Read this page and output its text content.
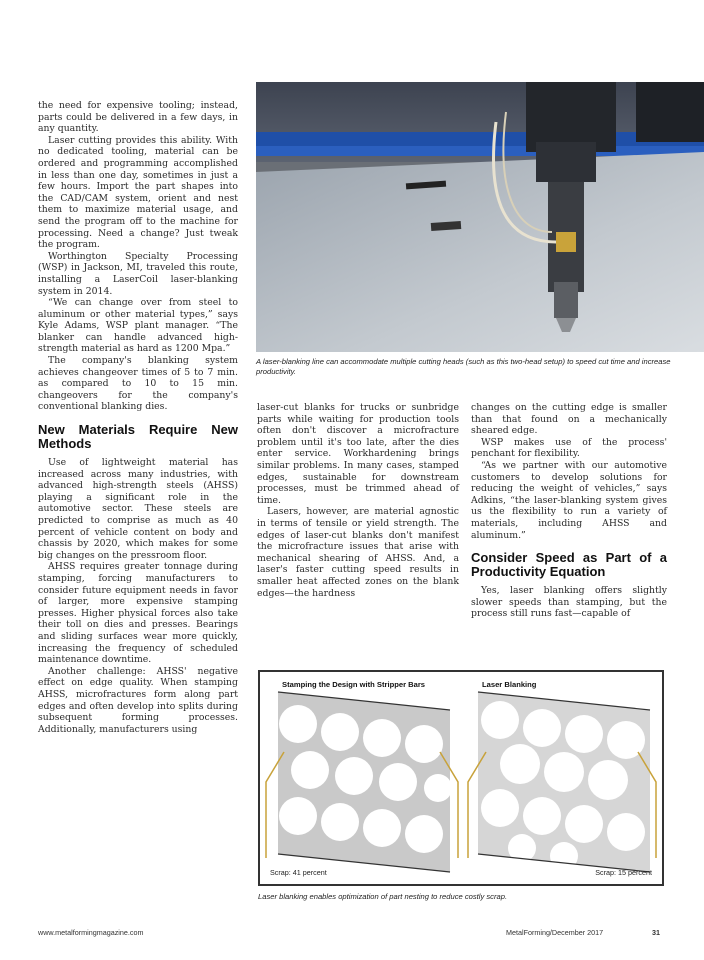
the need for expensive tooling; instead, parts could be delivered in a few days, in any quantity.

Laser cutting provides this ability. With no dedicated tooling, material can be ordered and programming accomplished in less than one day, sometimes in just a few hours. Import the part shapes into the CAD/CAM system, orient and nest them to maximize material usage, and send the program off to the machine for processing. Need a change? Just tweak the program.

Worthington Specialty Processing (WSP) in Jackson, MI, traveled this route, installing a LaserCoil laser-blanking system in 2014.

“We can change over from steel to aluminum or other material types,” says Kyle Adams, WSP plant manager. “The blanker can handle advanced high-strength material as hard as 1200 Mpa.”

The company's blanking system achieves changeover times of 5 to 7 min. as compared to 10 to 15 min. changeovers for the company's conventional blanking dies.

New Materials Require New Methods

Use of lightweight material has increased across many industries, with advanced high-strength steels (AHSS) playing a significant role in the automotive sector. These steels are predicted to comprise as much as 40 percent of vehicle content on body and chassis by 2020, which makes for some big changes on the pressroom floor.

AHSS requires greater tonnage during stamping, forcing manufacturers to consider future equipment needs in favor of larger, more expensive stamping presses. Higher physical forces also take their toll on dies and presses. Bearings and sliding surfaces wear more quickly, increasing the frequency of scheduled maintenance downtime.

Another challenge: AHSS' negative effect on edge quality. When stamping AHSS, microfractures form along part edges and often develop into splits during subsequent forming processes. Additionally, manufacturers using

A laser-blanking line can accommodate multiple cutting heads (such as this two-head setup) to speed cut time and increase productivity.

laser-cut blanks for trucks or sunbridge parts while waiting for production tools often don't discover a microfracture problem until it's too late, after the dies enter service. Workhardening brings similar problems. In many cases, stamped edges, sustainable for downstream processes, must be trimmed ahead of time.

Lasers, however, are material agnostic in terms of tensile or yield strength. The edges of laser-cut blanks don't manifest the microfracture issues that arise with mechanical shearing of AHSS. And, a laser's faster cutting speed results in smaller heat affected zones on the blank edges—the hardness

changes on the cutting edge is smaller than that found on a mechanically sheared edge.

WSP makes use of the process' penchant for flexibility.

“As we partner with our automotive customers to develop solutions for reducing the weight of vehicles,” says Adkins, “the laser-blanking system gives us the flexibility to run a variety of materials, including AHSS and aluminum.”

Consider Speed as Part of a Productivity Equation

Yes, laser blanking offers slightly slower speeds than stamping, but the process still runs fast—capable of

Stamping the Design with Stripper Bars	Laser Blanking
Scrap: 41 percent	Scrap: 15 percent
Laser blanking enables optimization of part nesting to reduce costly scrap.
www.metalformingmagazine.com	MetalForming/December 2017	31
